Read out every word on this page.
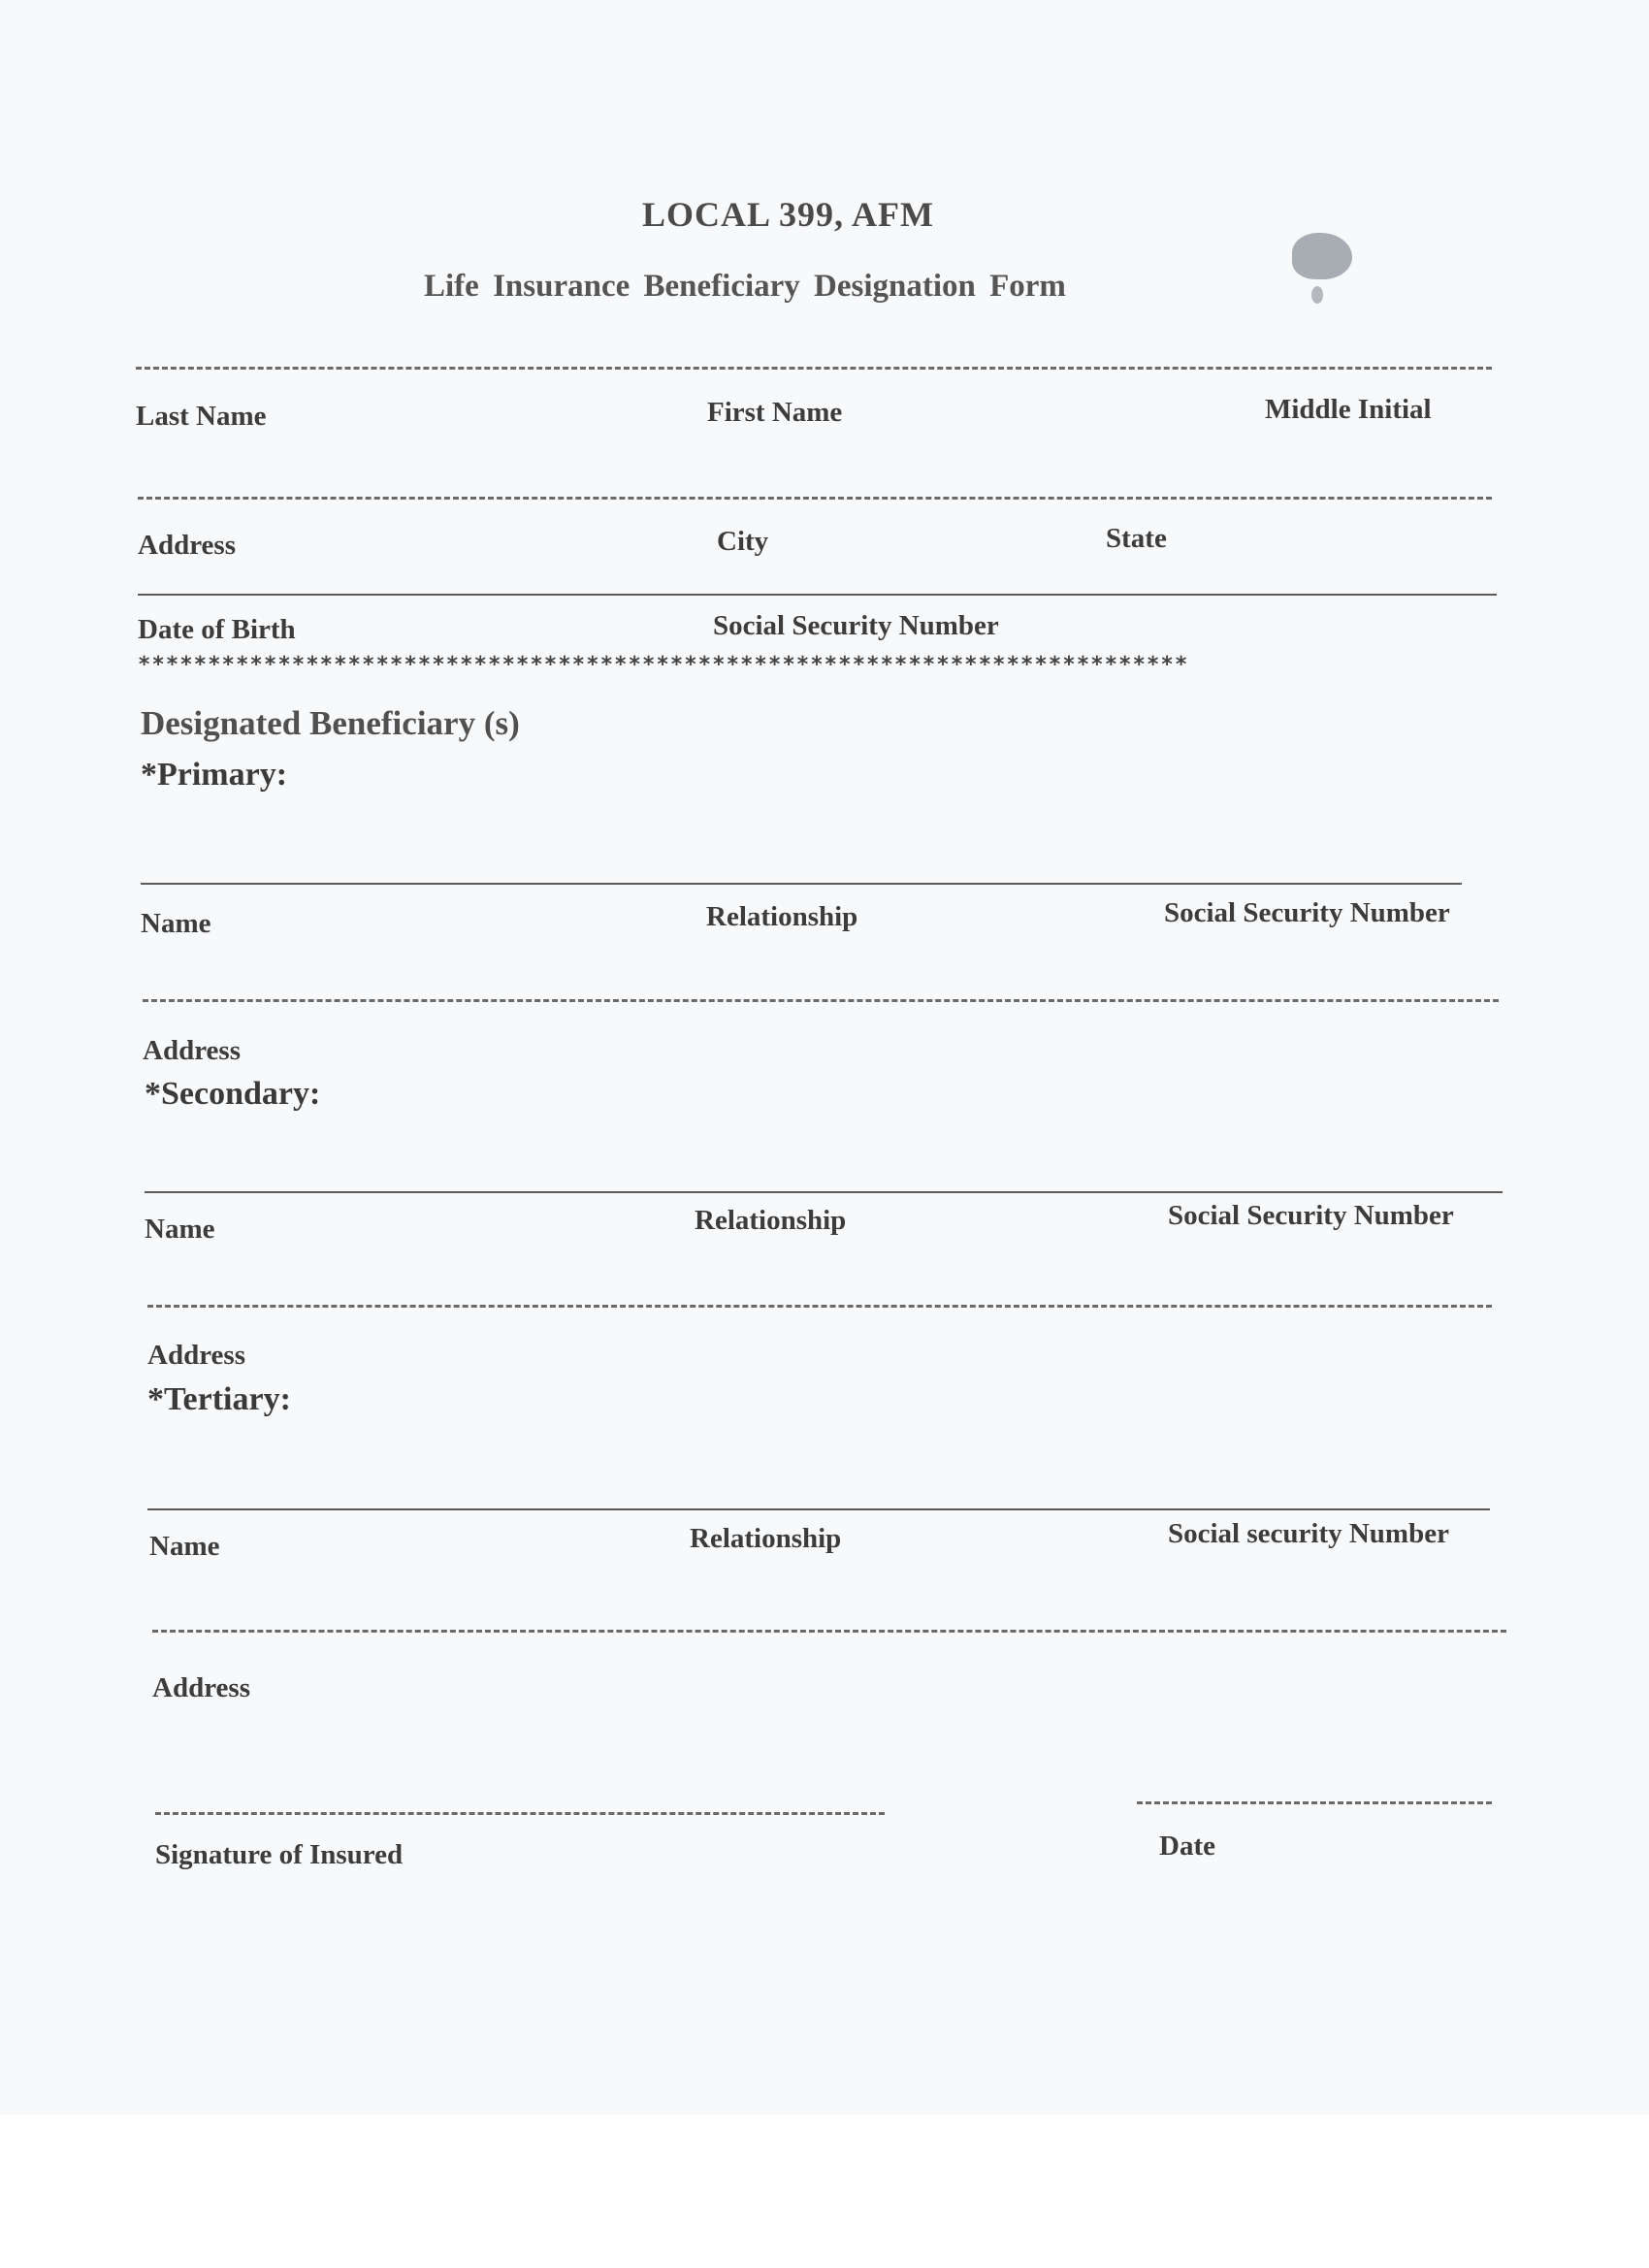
LOCAL 399, AFM
Life Insurance Beneficiary Designation Form
Last Name	First Name	Middle Initial
Address	City	State
Date of Birth	Social Security Number
***************************************************************************
Designated Beneficiary (s)
*Primary:
Name	Relationship	Social Security Number
Address
*Secondary:
Name	Relationship	Social Security Number
Address
*Tertiary:
Name	Relationship	Social security Number
Address
Signature of Insured	Date
